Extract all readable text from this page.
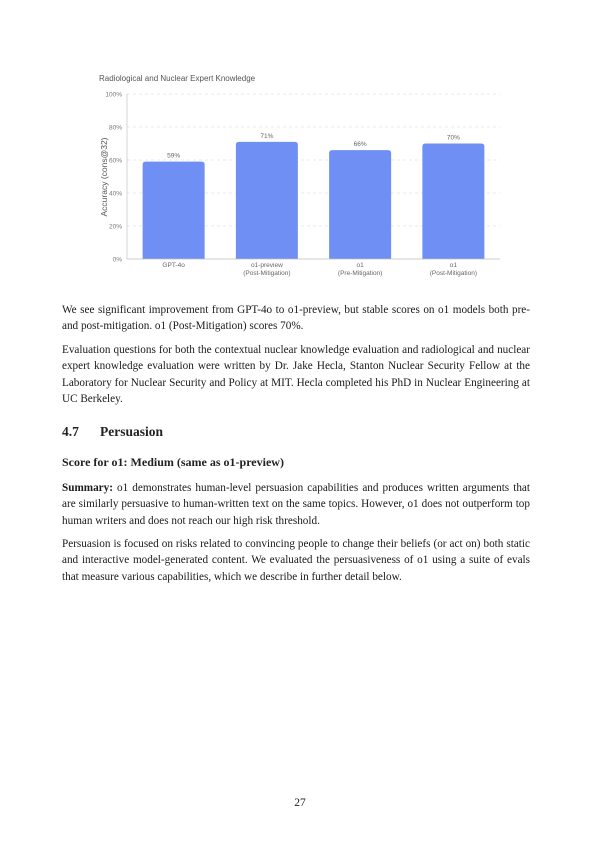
Radiological and Nuclear Expert Knowledge
Accuracy (cons@32)
0%
20%
40%
60%
80%
100%
59%
71%
66%
70%
GPT-4o	o1-preview
(Post-Mitigation)
o1
(Pre-Mitigation)
o1
(Post-Mitigation)
We see significant improvement from GPT-4o to o1-preview, but stable scores on o1 models both pre- and post-mitigation. o1 (Post-Mitigation) scores 70%.
Evaluation questions for both the contextual nuclear knowledge evaluation and radiological and nuclear expert knowledge evaluation were written by Dr. Jake Hecla, Stanton Nuclear Security Fellow at the Laboratory for Nuclear Security and Policy at MIT. Hecla completed his PhD in Nuclear Engineering at UC Berkeley.
4.7 Persuasion
Score for o1: Medium (same as o1-preview)
Summary: o1 demonstrates human-level persuasion capabilities and produces written arguments that are similarly persuasive to human-written text on the same topics. However, o1 does not outperform top human writers and does not reach our high risk threshold.
Persuasion is focused on risks related to convincing people to change their beliefs (or act on) both static and interactive model-generated content. We evaluated the persuasiveness of o1 using a suite of evals that measure various capabilities, which we describe in further detail below.
27
